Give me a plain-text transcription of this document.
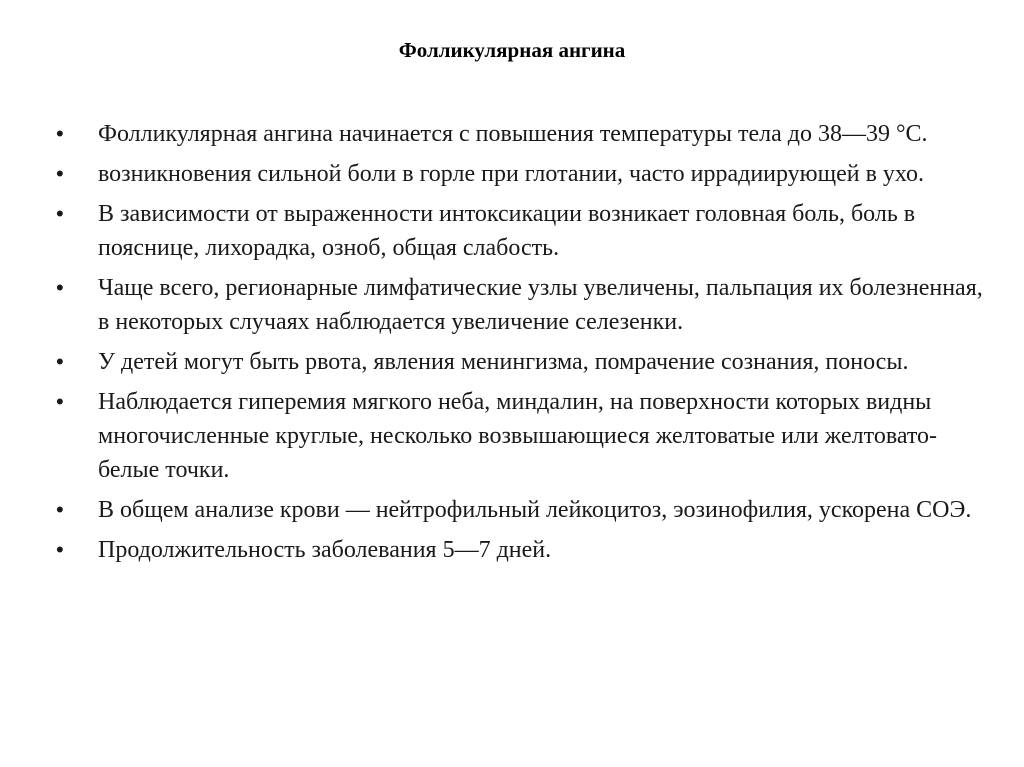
Фолликулярная ангина
• Фолликулярная ангина начинается с повышения температуры тела до 38—39 °С.
• возникновения сильной боли в горле при глотании, часто иррадиирующей в ухо.
• В зависимости от выраженности интоксикации возникает головная боль, боль в пояснице, лихорадка, озноб, общая слабость.
• Чаще всего, регионарные лимфатические узлы увеличены, пальпация их болезненная, в некоторых случаях наблюдается увеличение селезенки.
• У детей могут быть рвота, явления менингизма, помрачение сознания, поносы.
• Наблюдается гиперемия мягкого неба, миндалин, на поверхности которых видны многочисленные круглые, несколько возвышающиеся желтоватые или желтовато-белые точки.
• В общем анализе крови — нейтрофильный лейкоцитоз, эозинофилия, ускорена СОЭ.
• Продолжительность заболевания 5—7 дней.
